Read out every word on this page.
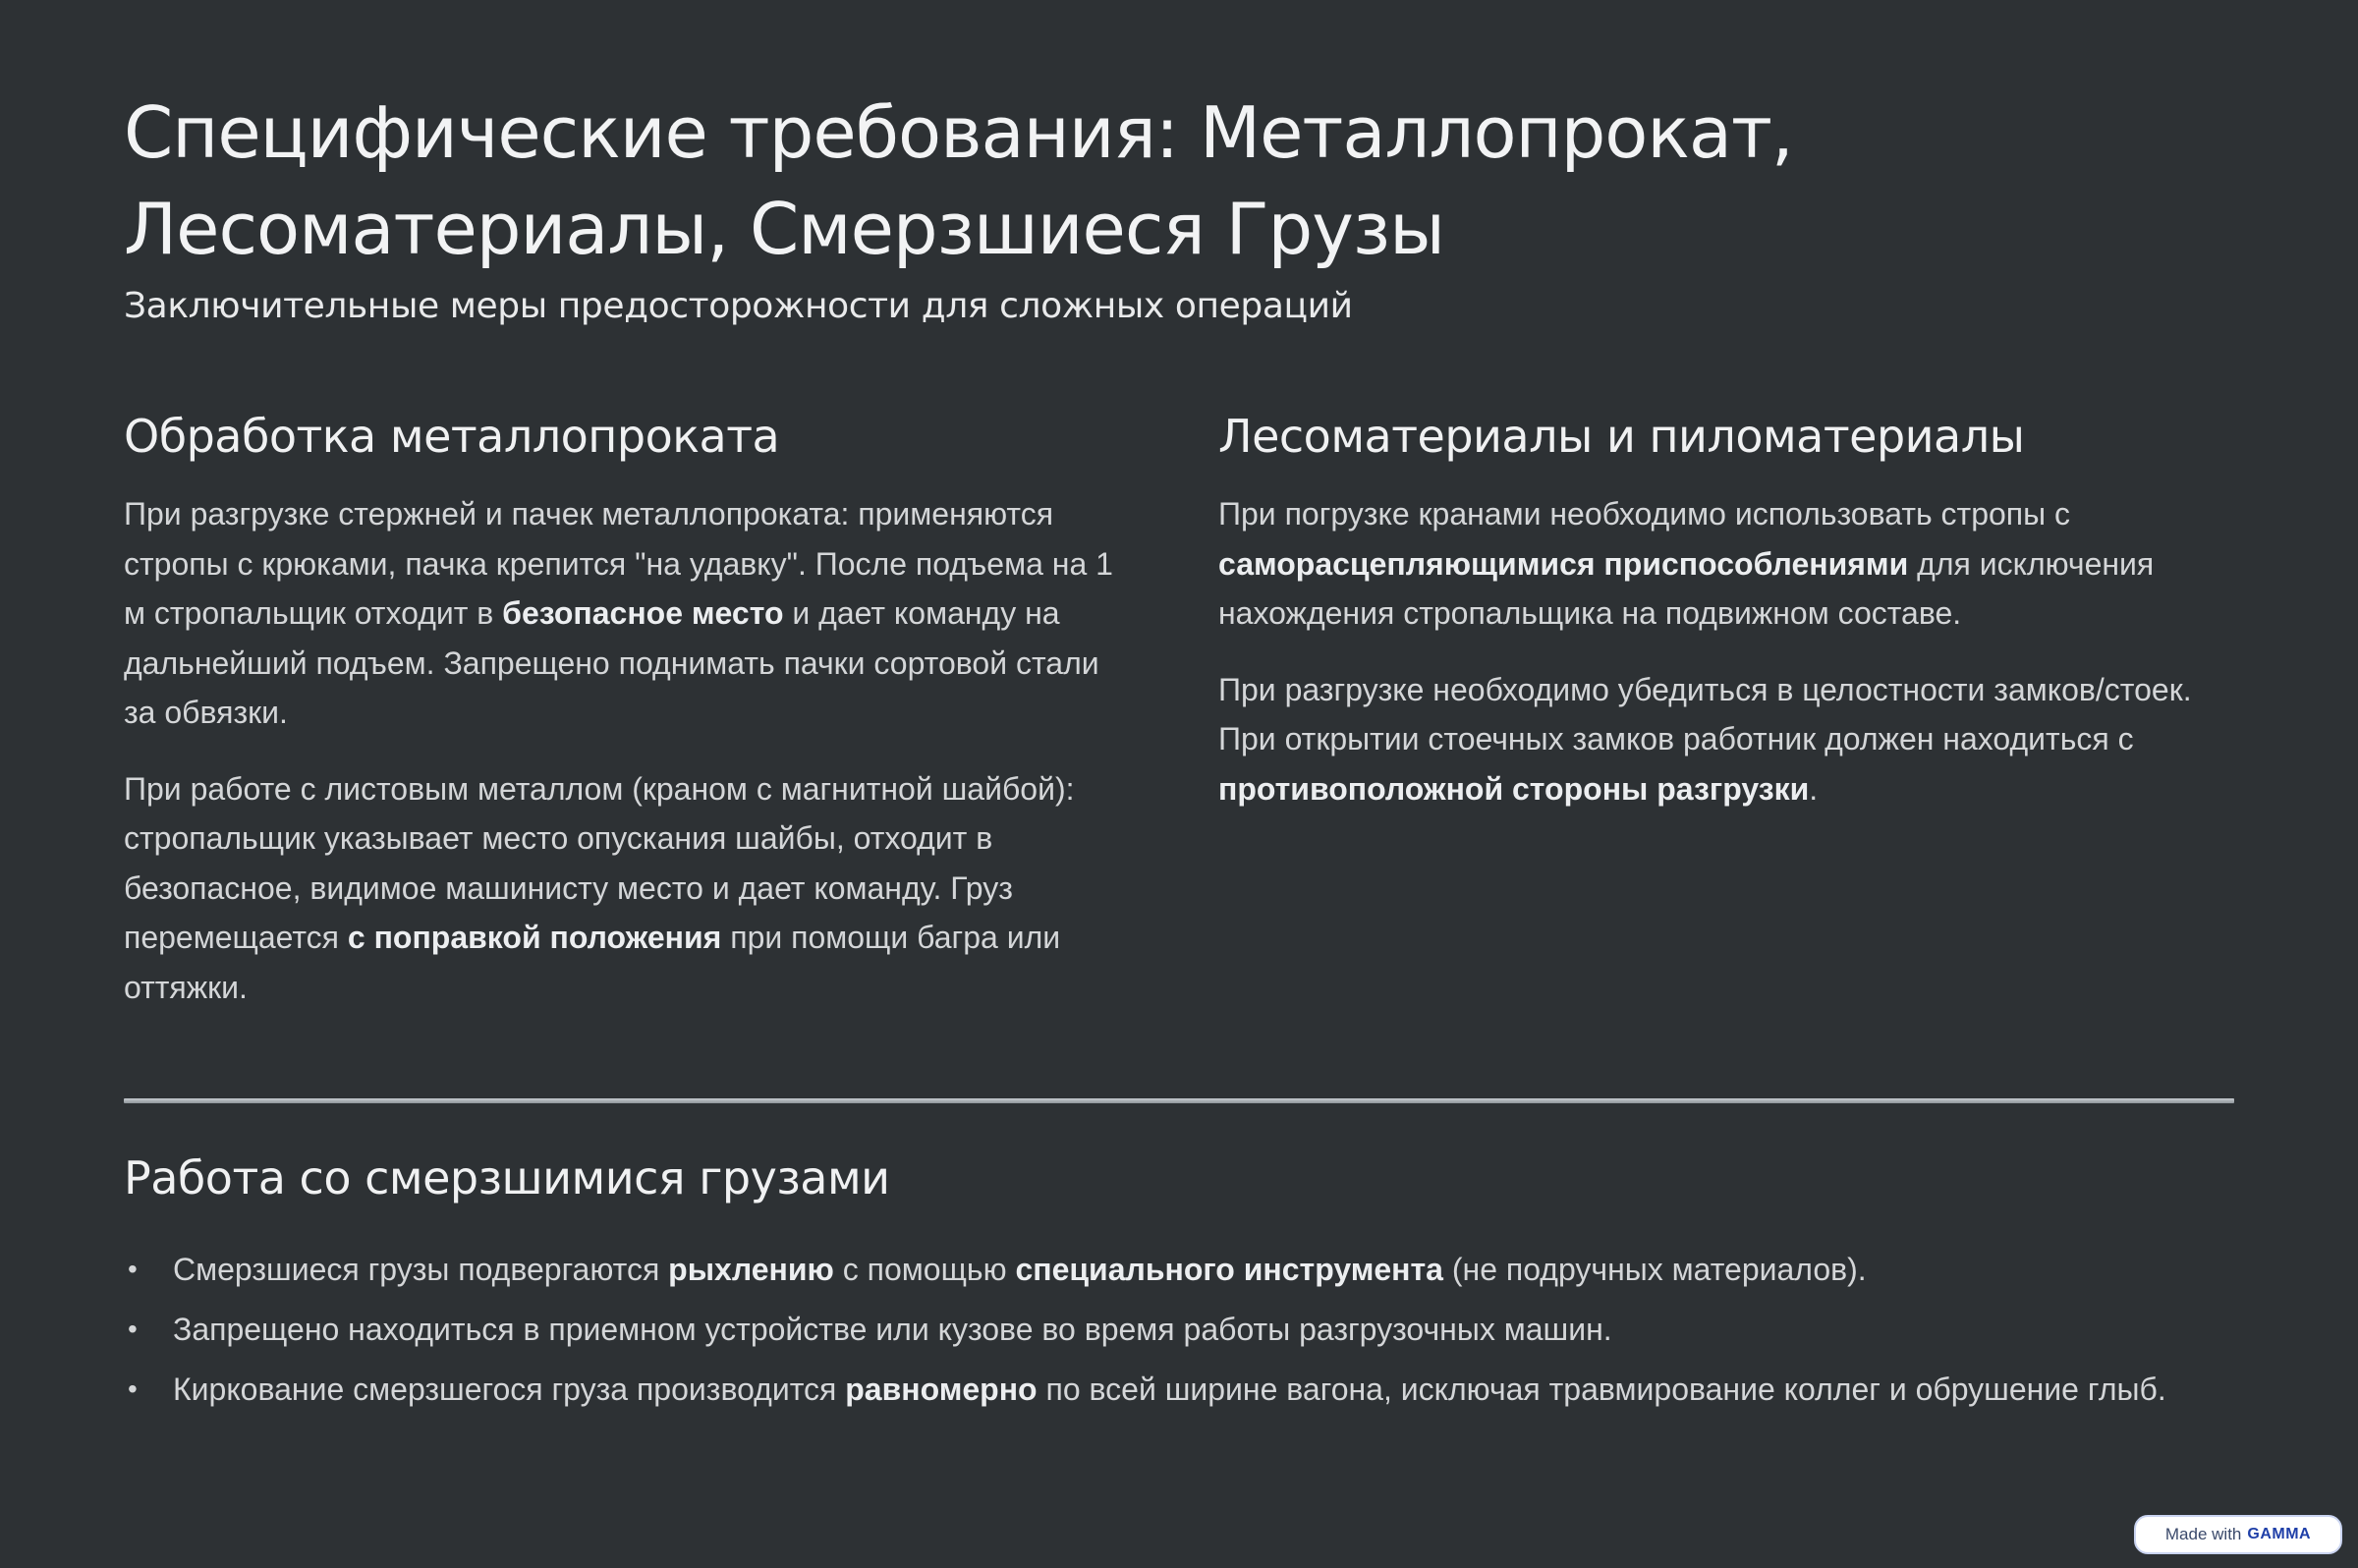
Специфические требования: Металлопрокат, Лесоматериалы, Смерзшиеся Грузы
Заключительные меры предосторожности для сложных операций
Обработка металлопроката

При разгрузке стержней и пачек металлопроката: применяются стропы с крюками, пачка крепится "на удавку". После подъема на 1 м стропальщик отходит в безопасное место и дает команду на дальнейший подъем. Запрещено поднимать пачки сортовой стали за обвязки.

При работе с листовым металлом (краном с магнитной шайбой): стропальщик указывает место опускания шайбы, отходит в безопасное, видимое машинисту место и дает команду. Груз перемещается с поправкой положения при помощи багра или оттяжки.

Лесоматериалы и пиломатериалы

При погрузке кранами необходимо использовать стропы с саморасцепляющимися приспособлениями для исключения нахождения стропальщика на подвижном составе.

При разгрузке необходимо убедиться в целостности замков/стоек. При открытии стоечных замков работник должен находиться с противоположной стороны разгрузки.

Работа со смерзшимися грузами
• Смерзшиеся грузы подвергаются рыхлению с помощью специального инструмента (не подручных материалов).
• Запрещено находиться в приемном устройстве или кузове во время работы разгрузочных машин.
• Киркование смерзшегося груза производится равномерно по всей ширине вагона, исключая травмирование коллег и обрушение глыб.
Made with GAMMA
